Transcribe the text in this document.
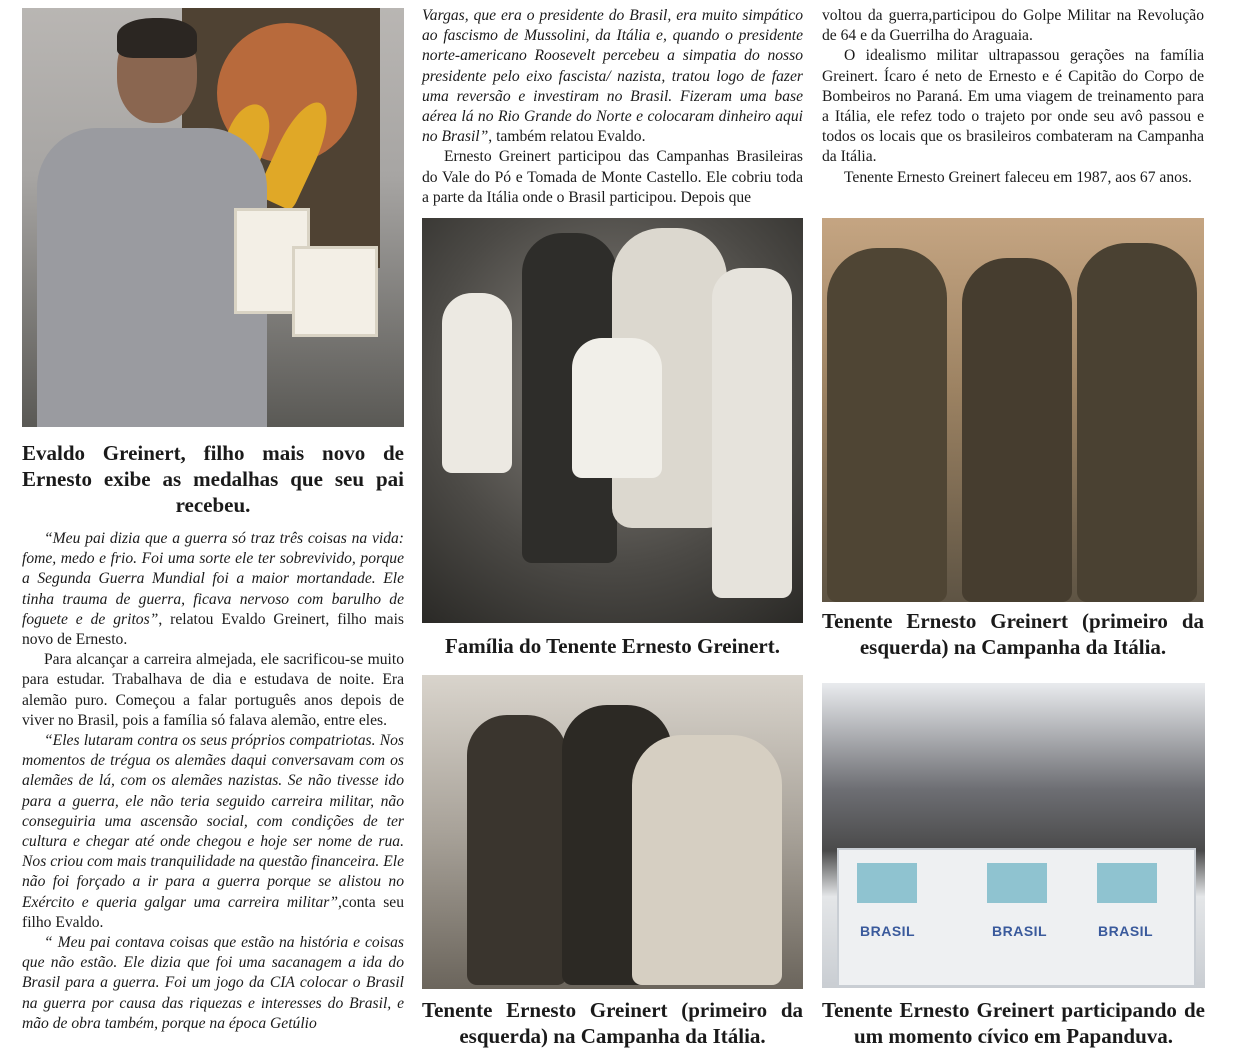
Evaldo Greinert, filho mais novo de Ernesto exibe as medalhas que seu pai recebeu.

“Meu pai dizia que a guerra só traz três coisas na vida: fome, medo e frio. Foi uma sorte ele ter sobrevivido, porque a Segunda Guerra Mundial foi a maior mortandade. Ele tinha trauma de guerra, ficava nervoso com barulho de foguete e de gritos”, relatou Evaldo Greinert, filho mais novo de Ernesto.

Para alcançar a carreira almejada, ele sacrificou-se muito para estudar. Trabalhava de dia e estudava de noite. Era alemão puro. Começou a falar português anos depois de viver no Brasil, pois a família só falava alemão, entre eles.

“Eles lutaram contra os seus próprios compatriotas. Nos momentos de trégua os alemães daqui conversavam com os alemães de lá, com os alemães nazistas. Se não tivesse ido para a guerra, ele não teria seguido carreira militar, não conseguiria uma ascensão social, com condições de ter cultura e chegar até onde chegou e hoje ser nome de rua. Nos criou com mais tranquilidade na questão financeira. Ele não foi forçado a ir para a guerra porque se alistou no Exército e queria galgar uma carreira militar”,conta seu filho Evaldo.

“ Meu pai contava coisas que estão na história e coisas que não estão. Ele dizia que foi uma sacanagem a ida do Brasil para a guerra. Foi um jogo da CIA colocar o Brasil na guerra por causa das riquezas e interesses do Brasil, e mão de obra também, porque na época Getúlio

Vargas, que era o presidente do Brasil, era muito simpático ao fascismo de Mussolini, da Itália e, quando o presidente norte-americano Roosevelt percebeu a simpatia do nosso presidente pelo eixo fascista/ nazista, tratou logo de fazer uma reversão e investiram no Brasil. Fizeram uma base aérea lá no Rio Grande do Norte e colocaram dinheiro aqui no Brasil”, também relatou Evaldo.

Ernesto Greinert participou das Campanhas Brasileiras do Vale do Pó e Tomada de Monte Castello. Ele cobriu toda a parte da Itália onde o Brasil participou. Depois que

Família do Tenente Ernesto Greinert.
Tenente Ernesto Greinert (primeiro da esquerda) na Campanha da Itália.

voltou da guerra,participou do Golpe Militar na Revolução de 64 e da Guerrilha do Araguaia.

O idealismo militar ultrapassou gerações na família Greinert. Ícaro é neto de Ernesto e é Capitão do Corpo de Bombeiros no Paraná. Em uma viagem de treinamento para a Itália, ele refez todo o trajeto por onde seu avô passou e todos os locais que os brasileiros combateram na Campanha da Itália.

Tenente Ernesto Greinert faleceu em 1987, aos 67 anos.

Tenente Ernesto Greinert (primeiro da esquerda) na Campanha da Itália.
BRASIL	BRASIL	BRASIL
Tenente Ernesto Greinert participando de um momento cívico em Papanduva.
